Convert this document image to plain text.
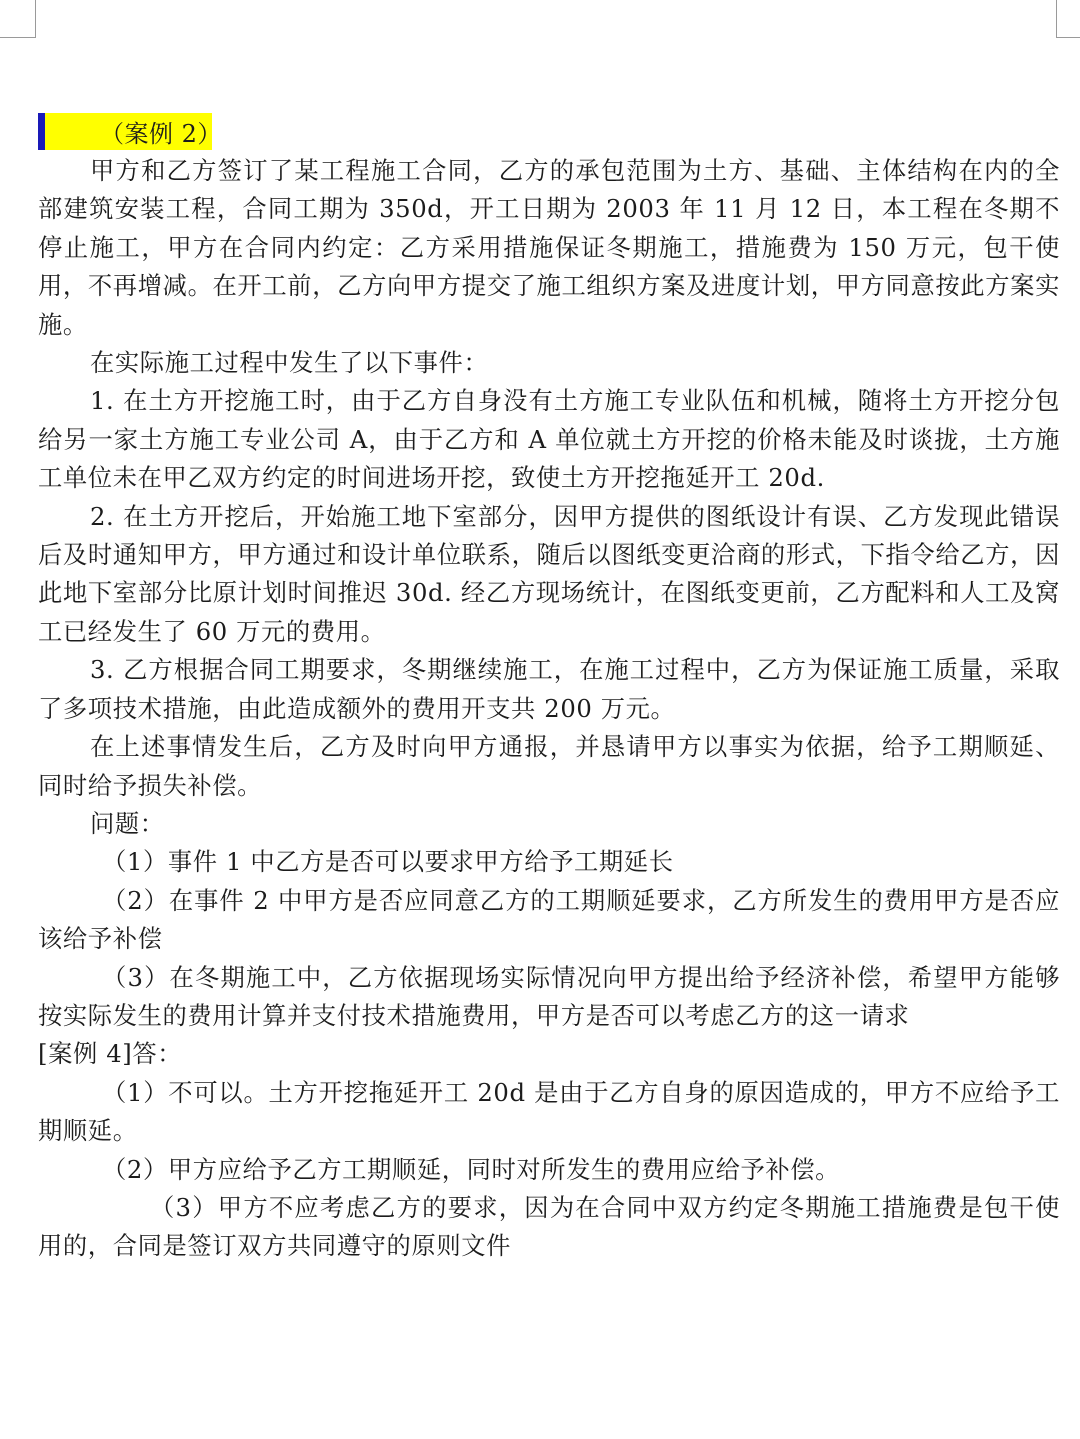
（案例 2）

甲方和乙方签订了某工程施工合同，乙方的承包范围为土方、基础、主体结构在内的全部建筑安装工程，合同工期为 350d，开工日期为 2003 年 11 月 12 日，本工程在冬期不停止施工，甲方在合同内约定：乙方采用措施保证冬期施工，措施费为 150 万元，包干使用，不再增减。在开工前，乙方向甲方提交了施工组织方案及进度计划，甲方同意按此方案实施。

在实际施工过程中发生了以下事件：

1. 在土方开挖施工时，由于乙方自身没有土方施工专业队伍和机械，随将土方开挖分包给另一家土方施工专业公司 A，由于乙方和 A 单位就土方开挖的价格未能及时谈拢，土方施工单位未在甲乙双方约定的时间进场开挖，致使土方开挖拖延开工 20d.

2. 在土方开挖后，开始施工地下室部分，因甲方提供的图纸设计有误、乙方发现此错误后及时通知甲方，甲方通过和设计单位联系，随后以图纸变更洽商的形式，下指令给乙方，因此地下室部分比原计划时间推迟 30d. 经乙方现场统计，在图纸变更前，乙方配料和人工及窝工已经发生了 60 万元的费用。

3. 乙方根据合同工期要求，冬期继续施工，在施工过程中，乙方为保证施工质量，采取了多项技术措施，由此造成额外的费用开支共 200 万元。

在上述事情发生后，乙方及时向甲方通报，并恳请甲方以事实为依据，给予工期顺延、同时给予损失补偿。

问题：

（1）事件 1 中乙方是否可以要求甲方给予工期延长

（2）在事件 2 中甲方是否应同意乙方的工期顺延要求，乙方所发生的费用甲方是否应该给予补偿

（3）在冬期施工中，乙方依据现场实际情况向甲方提出给予经济补偿，希望甲方能够按实际发生的费用计算并支付技术措施费用，甲方是否可以考虑乙方的这一请求

[案例 4]答：

（1）不可以。土方开挖拖延开工 20d 是由于乙方自身的原因造成的，甲方不应给予工期顺延。

（2）甲方应给予乙方工期顺延，同时对所发生的费用应给予补偿。

（3）甲方不应考虑乙方的要求，因为在合同中双方约定冬期施工措施费是包干使用的，合同是签订双方共同遵守的原则文件
